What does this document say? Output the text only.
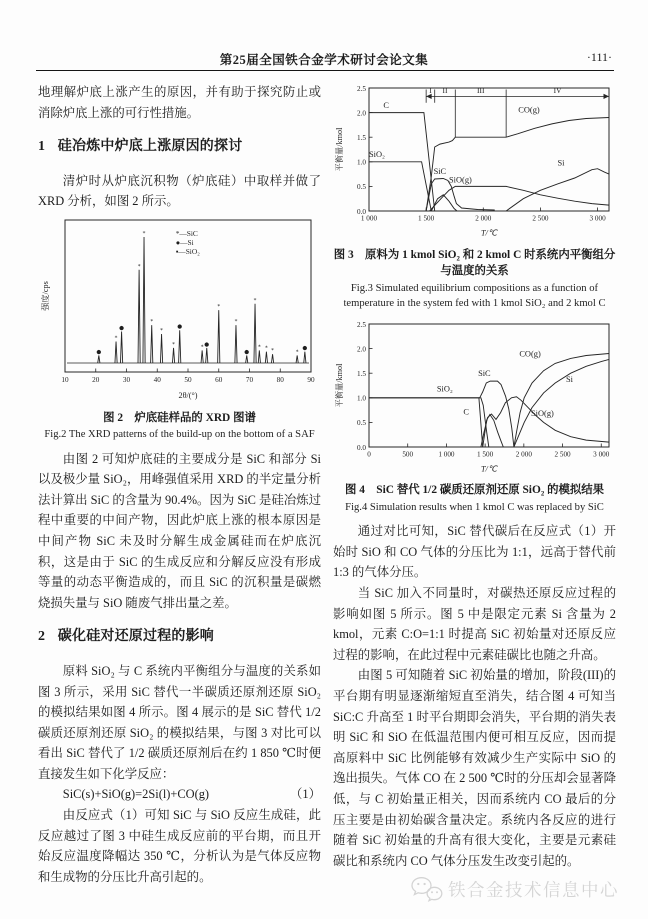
第25届全国铁合金学术研讨会论文集	·111·

地理解炉底上涨产生的原因，并有助于探究防止或消除炉底上涨的可行性措施。

1 硅冶炼中炉底上涨原因的探讨

清炉时从炉底沉积物（炉底硅）中取样并做了 XRD 分析，如图 2 所示。

10	20	30	40	50	60	70	80	90
2θ/(°)
强度/cps
●
*
●
*
*
*
*
*
●
* ●
*
*
●
*
* * *	*
●
*—SiC
●—Si
▪—SiO₂
图 2　炉底硅样品的 XRD 图谱
Fig.2 The XRD patterns of the build-up on the bottom of a SAF

由图 2 可知炉底硅的主要成分是 SiC 和部分 Si 以及极少量 SiO₂，用峰强值采用 XRD 的半定量分析法计算出 SiC 的含量为 90.4%。因为 SiC 是硅冶炼过程中重要的中间产物，因此炉底上涨的根本原因是中间产物 SiC 未及时分解生成金属硅而在炉底沉积，这是由于 SiC 的生成反应和分解反应没有形成等量的动态平衡造成的，而且 SiC 的沉积量是碳燃烧损失量与 SiO 随废气排出量之差。

2 碳化硅对还原过程的影响

原料 SiO₂ 与 C 系统内平衡组分与温度的关系如图 3 所示，采用 SiC 替代一半碳质还原剂还原 SiO₂ 的模拟结果如图 4 所示。图 4 展示的是 SiC 替代 1/2 碳质还原剂还原 SiO₂ 的模拟结果，与图 3 对比可以看出 SiC 替代了 1/2 碳质还原剂后在约 1 850 ℃时便直接发生如下化学反应：

SiC(s)+SiO(g)=2Si(l)+CO(g)	（1）

由反应式（1）可知 SiC 与 SiO 反应生成硅，此反应越过了图 3 中硅生成反应前的平台期，而且开始反应温度降幅达 350 ℃，分析认为是气体反应物和生成物的分压比升高引起的。

1 000	1 500	2 000	2 500	3 000
0.0
0.5
1.0
1.5
2.0
2.5
T/℃
平衡量/kmol
I II	III	IV
C
SiO₂
CO(g)
SiC
SiO(g)
Si
图 3　原料为 1 kmol SiO₂ 和 2 kmol C 时系统内平衡组分与温度的关系
Fig.3 Simulated equilibrium compositions as a function of temperature in the system fed with 1 kmol SiO₂ and 2 kmol C
0	500	1 000	1 500	2 000	2 500	3 000
0.0
0.5
1.0
1.5
2.0
2.5
T/℃
平衡量/kmol	SiO₂
C
SiC
SiO(g)
CO(g)
Si
图 4　SiC 替代 1/2 碳质还原剂还原 SiO₂ 的模拟结果
Fig.4 Simulation results when 1 kmol C was replaced by SiC

通过对比可知，SiC 替代碳后在反应式（1）开始时 SiO 和 CO 气体的分压比为 1:1，远高于替代前 1:3 的气体分压。

当 SiC 加入不同量时，对碳热还原反应过程的影响如图 5 所示。图 5 中是限定元素 Si 含量为 2 kmol，元素 C:O=1:1 时提高 SiC 初始量对还原反应过程的影响，在此过程中元素硅碳比也随之升高。

由图 5 可知随着 SiC 初始量的增加，阶段(III)的平台期有明显逐渐缩短直至消失，结合图 4 可知当 SiC:C 升高至 1 时平台期即会消失，平台期的消失表明 SiC 和 SiO 在低温范围内便可相互反应，因而提高原料中 SiC 比例能够有效减少生产实际中 SiO 的逸出损失。气体 CO 在 2 500 ℃时的分压却会显著降低，与 C 初始量正相关，因而系统内 CO 最后的分压主要是由初始碳含量决定。系统内各反应的进行随着 SiC 初始量的升高有很大变化，主要是元素硅碳比和系统内 CO 气体分压发生改变引起的。

铁合金技术信息中心
